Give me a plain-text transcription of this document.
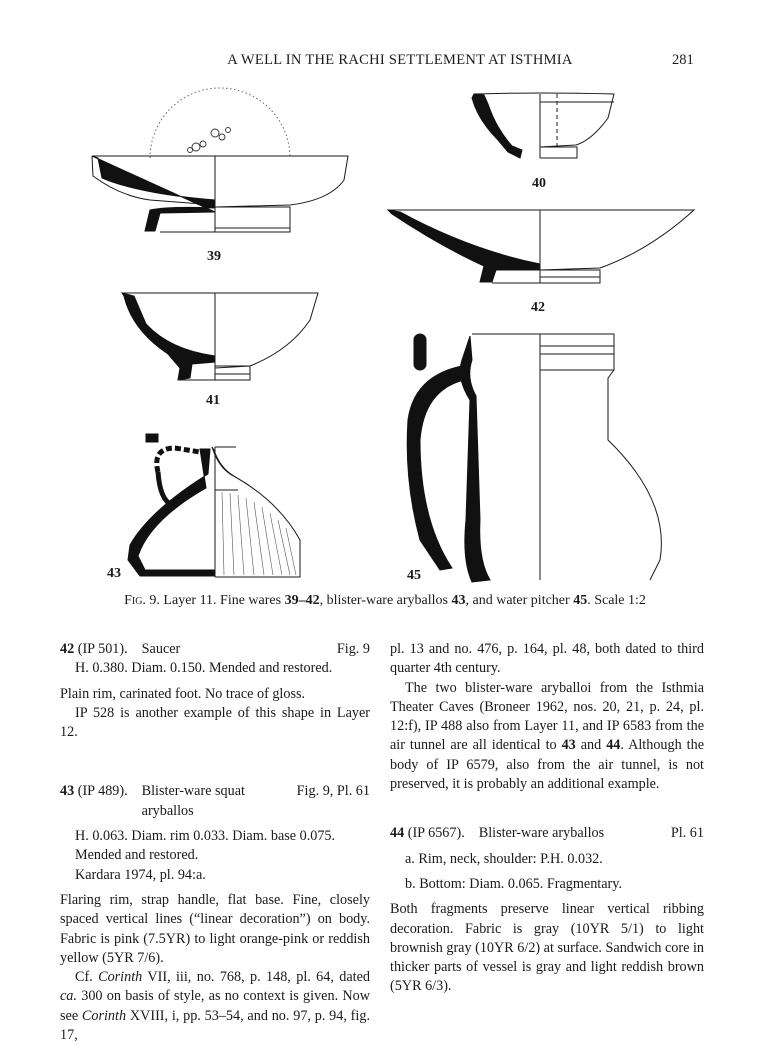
A WELL IN THE RACHI SETTLEMENT AT ISTHMIA	281
39
40
41
42
43	45
Fig. 9. Layer 11. Fine wares 39–42, blister-ware aryballos 43, and water pitcher 45. Scale 1:2
42 (IP 501). Saucer	Fig. 9

H. 0.380. Diam. 0.150. Mended and restored.

Plain rim, carinated foot. No trace of gloss.

IP 528 is another example of this shape in Layer 12.

43 (IP 489). Blister-ware squat aryballos
Fig. 9, Pl. 61

H. 0.063. Diam. rim 0.033. Diam. base 0.075. Mended and restored.

Kardara 1974, pl. 94:a.

Flaring rim, strap handle, flat base. Fine, closely spaced vertical lines (“linear decoration”) on body. Fabric is pink (7.5YR) to light orange-pink or reddish yellow (5YR 7/6).

Cf. Corinth VII, iii, no. 768, p. 148, pl. 64, dated ca. 300 on basis of style, as no context is given. Now see Corinth XVIII, i, pp. 53–54, and no. 97, p. 94, fig. 17,

pl. 13 and no. 476, p. 164, pl. 48, both dated to third quarter 4th century.

The two blister-ware aryballoi from the Isthmia Theater Caves (Broneer 1962, nos. 20, 21, p. 24, pl. 12:f), IP 488 also from Layer 11, and IP 6583 from the air tunnel are all identical to 43 and 44. Although the body of IP 6579, also from the air tunnel, is not preserved, it is probably an additional example.

44 (IP 6567). Blister-ware aryballos	Pl. 61

a. Rim, neck, shoulder: P.H. 0.032.

b. Bottom: Diam. 0.065. Fragmentary.

Both fragments preserve linear vertical ribbing decoration. Fabric is gray (10YR 5/1) to light brownish gray (10YR 6/2) at surface. Sandwich core in thicker parts of vessel is gray and light reddish brown (5YR 6/3).
